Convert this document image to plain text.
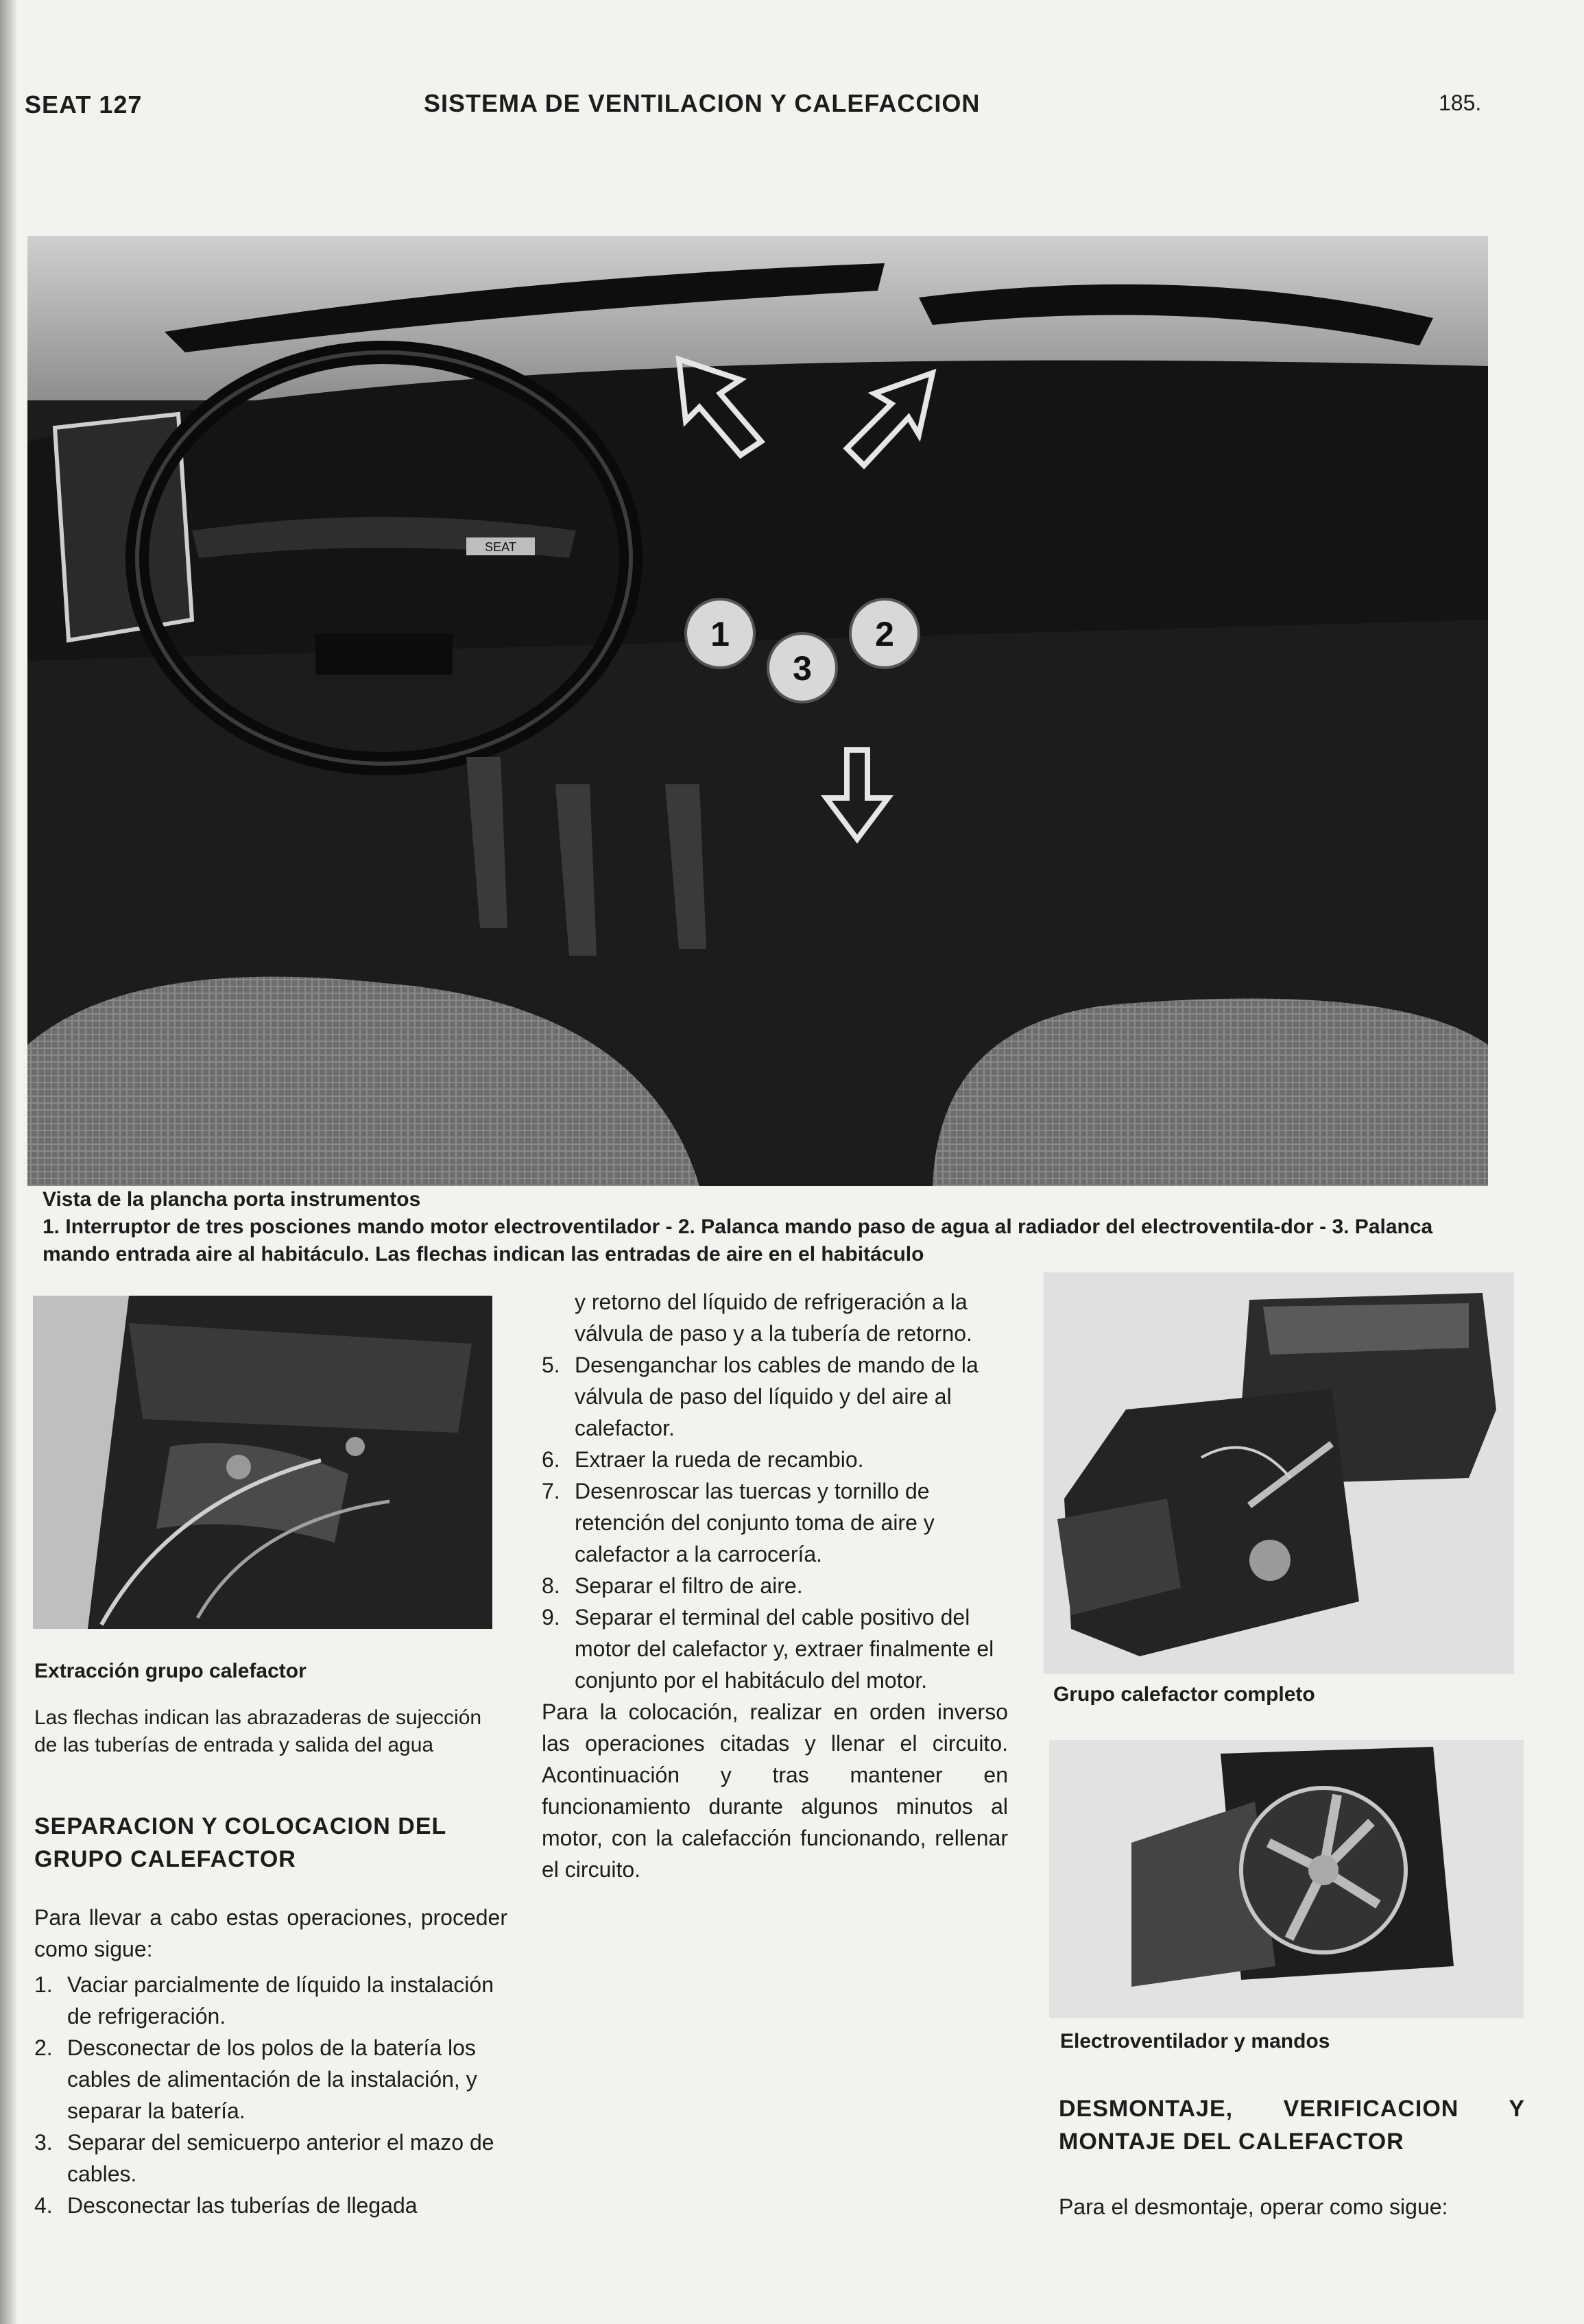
SEAT 127	SISTEMA DE VENTILACION Y CALEFACCION	185.
SEAT
1
3
2
Vista de la plancha porta instrumentos
1. Interruptor de tres posciones mando motor electroventilador - 2. Palanca mando paso de agua al radiador del electroventila-dor - 3. Palanca mando entrada aire al habitáculo. Las flechas indican las entradas de aire en el habitáculo
Extracción grupo calefactor
Las flechas indican las abrazaderas de sujección de las tuberías de entrada y salida del agua
SEPARACION Y COLOCACION DEL GRUPO CALEFACTOR
Para llevar a cabo estas operaciones, proceder como sigue:
1. Vaciar parcialmente de líquido la instalación de refrigeración.
2. Desconectar de los polos de la batería los cables de alimentación de la instalación, y separar la batería.
3. Separar del semicuerpo anterior el mazo de cables.
4. Desconectar las tuberías de llegada
y retorno del líquido de refrigeración a la válvula de paso y a la tubería de retorno.
5. Desenganchar los cables de mando de la válvula de paso del líquido y del aire al calefactor.
6. Extraer la rueda de recambio.
7. Desenroscar las tuercas y tornillo de retención del conjunto toma de aire y calefactor a la carrocería.
8. Separar el filtro de aire.
9. Separar el terminal del cable positivo del motor del calefactor y, extraer finalmente el conjunto por el habitáculo del motor.
Para la colocación, realizar en orden inverso las operaciones citadas y llenar el circuito. Acontinuación y tras mantener en funcionamiento durante algunos minutos al motor, con la calefacción funcionando, rellenar el circuito.
Grupo calefactor completo
Electroventilador y mandos
DESMONTAJE, VERIFICACION Y MONTAJE DEL CALEFACTOR
Para el desmontaje, operar como sigue:
